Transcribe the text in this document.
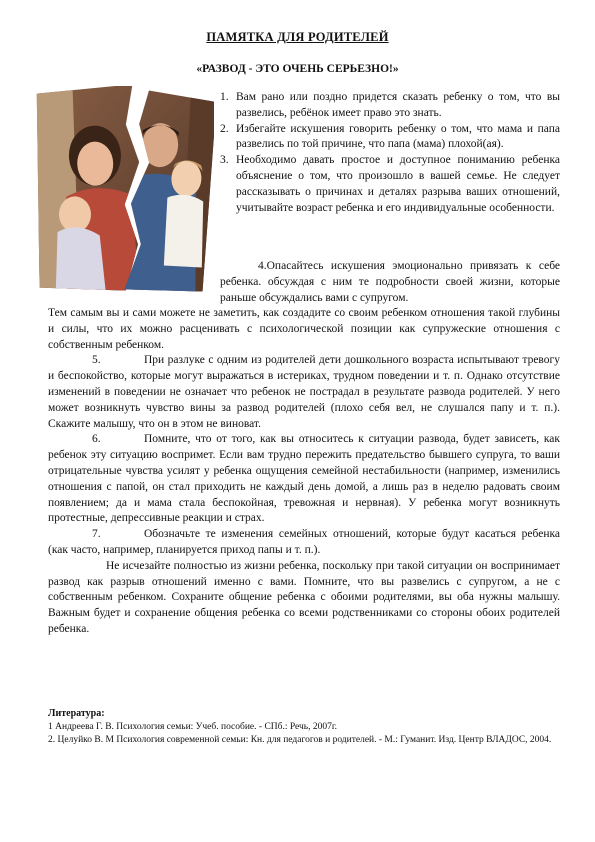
ПАМЯТКА ДЛЯ РОДИТЕЛЕЙ
«РАЗВОД - ЭТО ОЧЕНЬ СЕРЬЕЗНО!»
1. Вам рано или поздно придется сказать ребенку о том, что вы развелись, ребёнок имеет право это знать.
2. Избегайте искушения говорить ребенку о том, что мама и папа развелись по той причине, что папа (мама) плохой(ая).
3. Необходимо давать простое и доступное пониманию ребенка объяснение о том, что произошло в вашей семье. Не следует рассказывать о причинах и деталях разрыва ваших отношений, учитывайте возраст ребенка и его индивидуальные особенности.

4.Опасайтесь искушения эмоционально привязать к себе ребенка. обсуждая с ним те подробности своей жизни, которые раньше обсуждались вами с супругом.

Тем самым вы и сами можете не заметить, как создадите со своим ребенком отношения такой глубины и силы, что их можно расценивать с психологической позиции как супружеские отношения с собственным ребенком.

5.	При разлуке с одним из родителей дети дошкольного возраста испытывают тревогу и беспокойство, которые могут выражаться в истериках, трудном поведении и т. п. Однако отсутствие изменений в поведении не означает что ребенок не пострадал в результате развода родителей. У него может возникнуть чувство вины за развод родителей (плохо себя вел, не слушался папу и т. п.). Скажите малышу, что он в этом не виноват.

6.	Помните, что от того, как вы относитесь к ситуации развода, будет зависеть, как ребенок эту ситуацию воспримет. Если вам трудно пережить предательство бывшего супруга, то ваши отрицательные чувства усилят у ребенка ощущения семейной нестабильности (например, изменились отношения с папой, он стал приходить не каждый день домой, а лишь раз в неделю радовать своим появлением; да и мама стала беспокойная, тревожная и нервная). У ребенка могут возникнуть протестные, депрессивные реакции и страх.

7.	Обозначьте те изменения семейных отношений, которые будут касаться ребенка (как часто, например, планируется приход папы и т. п.).

Не исчезайте полностью из жизни ребенка, поскольку при такой ситуации он воспринимает развод как разрыв отношений именно с вами. Помните, что вы развелись с супругом, а не с собственным ребенком. Сохраните общение ребенка с обоими родителями, вы оба нужны малышу. Важным будет и сохранение общения ребенка со всеми родственниками со стороны обоих родителей ребенка.

Литература:

1 Андреева Г. В. Психология семьи: Учеб. пособие. - СПб.: Речь, 2007г.

2. Целуйко В. М Психология современной семьи: Кн. для педагогов и родителей. - М.: Гуманит. Изд. Центр ВЛАДОС, 2004.
